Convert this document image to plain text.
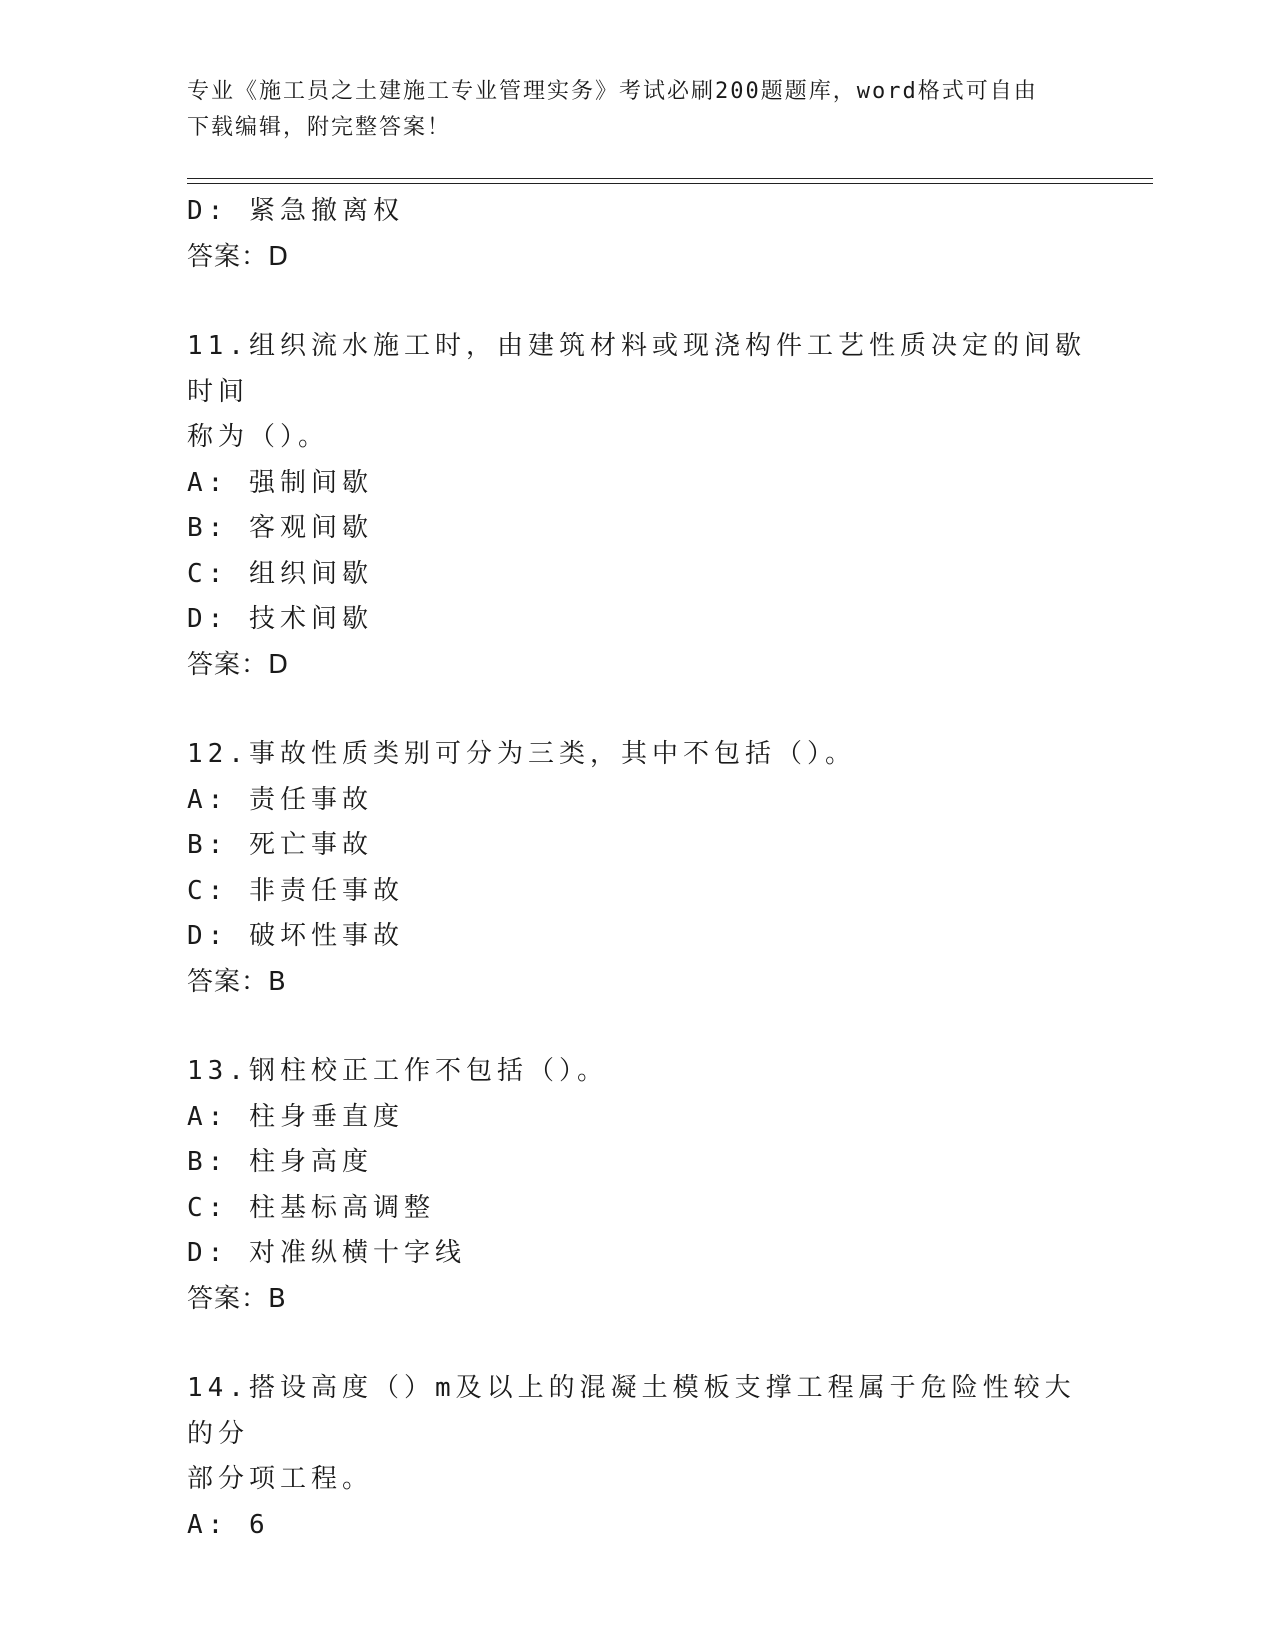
专业《施工员之土建施工专业管理实务》考试必刷200题题库，word格式可自由
下载编辑，附完整答案！
D: 紧急撤离权
答案：D
11.组织流水施工时，由建筑材料或现浇构件工艺性质决定的间歇时间
称为（）。
A: 强制间歇
B: 客观间歇
C: 组织间歇
D: 技术间歇
答案：D
12.事故性质类别可分为三类，其中不包括（）。
A: 责任事故
B: 死亡事故
C: 非责任事故
D: 破坏性事故
答案：B
13.钢柱校正工作不包括（）。
A: 柱身垂直度
B: 柱身高度
C: 柱基标高调整
D: 对准纵横十字线
答案：B
14.搭设高度（）m及以上的混凝土模板支撑工程属于危险性较大的分
部分项工程。
A: 6
